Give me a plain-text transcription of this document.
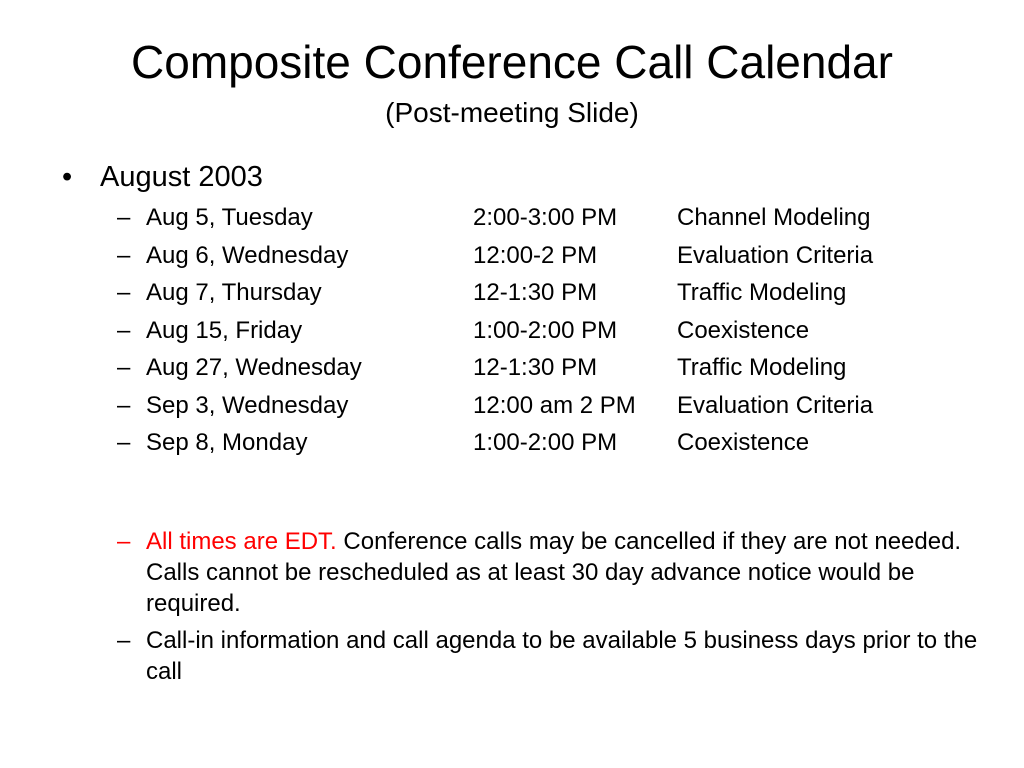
Composite Conference Call Calendar
(Post-meeting Slide)
• August 2003
– Aug 5, Tuesday	2:00-3:00 PM Channel Modeling
– Aug 6, Wednesday	12:00-2 PM	Evaluation Criteria
– Aug 7, Thursday	12-1:30 PM	Traffic Modeling
– Aug 15, Friday	1:00-2:00 PM Coexistence
– Aug 27, Wednesday	12-1:30 PM	Traffic Modeling
– Sep 3, Wednesday	12:00 am 2 PM Evaluation Criteria
– Sep 8, Monday	1:00-2:00 PM Coexistence
– All times are EDT. Conference calls may be cancelled if they are not needed. Calls cannot be rescheduled as at least 30 day advance notice would be required.
– Call-in information and call agenda to be available 5 business days prior to the call
